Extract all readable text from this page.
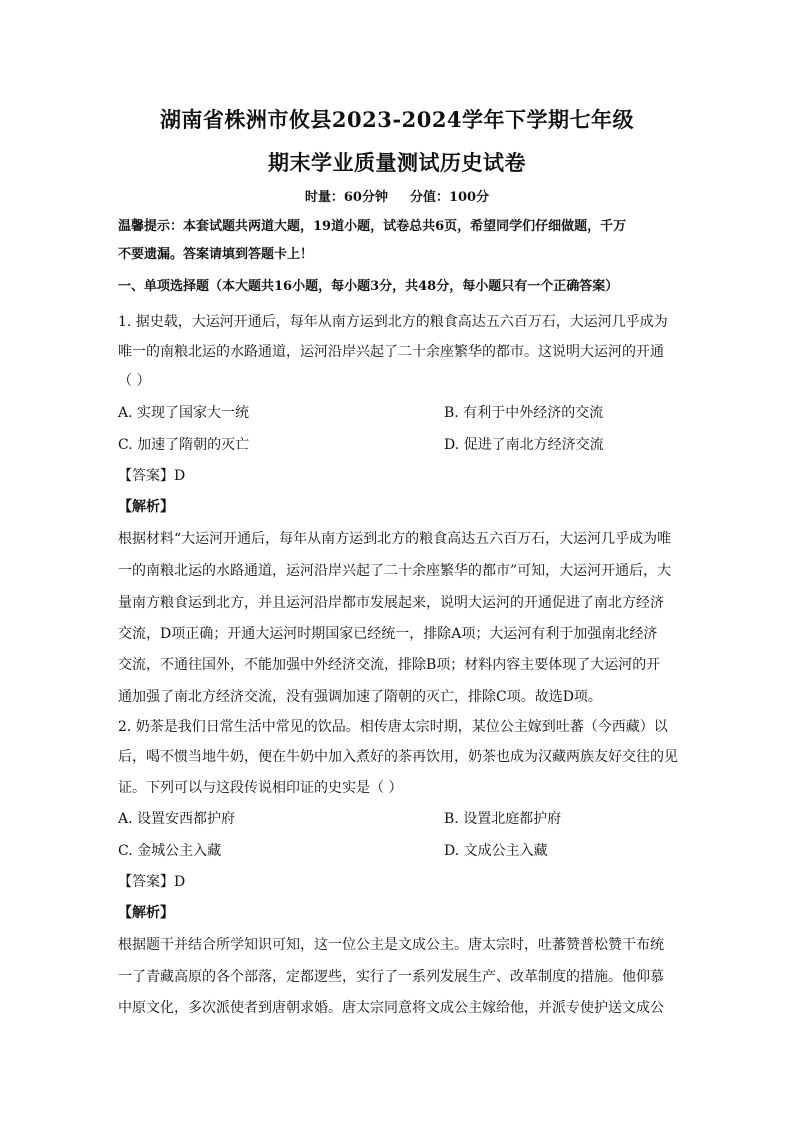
湖南省株洲市攸县2023-2024学年下学期七年级
期末学业质量测试历史试卷
时量：60分钟 分值：100分
温馨提示：本套试题共两道大题，19道小题，试卷总共6页，希望同学们仔细做题，千万
不要遗漏。答案请填到答题卡上！
一、单项选择题（本大题共16小题，每小题3分，共48分，每小题只有一个正确答案）
1. 据史载，大运河开通后，每年从南方运到北方的粮食高达五六百万石，大运河几乎成为
唯一的南粮北运的水路通道，运河沿岸兴起了二十余座繁华的都市。这说明大运河的开通
（ ）
A. 实现了国家大一统	B. 有利于中外经济的交流
C. 加速了隋朝的灭亡	D. 促进了南北方经济交流
【答案】D
【解析】
根据材料“大运河开通后，每年从南方运到北方的粮食高达五六百万石，大运河几乎成为唯
一的南粮北运的水路通道，运河沿岸兴起了二十余座繁华的都市”可知，大运河开通后，大
量南方粮食运到北方，并且运河沿岸都市发展起来，说明大运河的开通促进了南北方经济
交流，D项正确；开通大运河时期国家已经统一，排除A项；大运河有利于加强南北经济
交流，不通往国外，不能加强中外经济交流，排除B项；材料内容主要体现了大运河的开
通加强了南北方经济交流，没有强调加速了隋朝的灭亡，排除C项。故选D项。
2. 奶茶是我们日常生活中常见的饮品。相传唐太宗时期，某位公主嫁到吐蕃（今西藏）以
后，喝不惯当地牛奶，便在牛奶中加入煮好的茶再饮用，奶茶也成为汉藏两族友好交往的见
证。下列可以与这段传说相印证的史实是（ ）
A. 设置安西都护府	B. 设置北庭都护府
C. 金城公主入藏	D. 文成公主入藏
【答案】D
【解析】
根据题干并结合所学知识可知，这一位公主是文成公主。唐太宗时，吐蕃赞普松赞干布统
一了青藏高原的各个部落，定都逻些，实行了一系列发展生产、改革制度的措施。他仰慕
中原文化，多次派使者到唐朝求婚。唐太宗同意将文成公主嫁给他，并派专使护送文成公
